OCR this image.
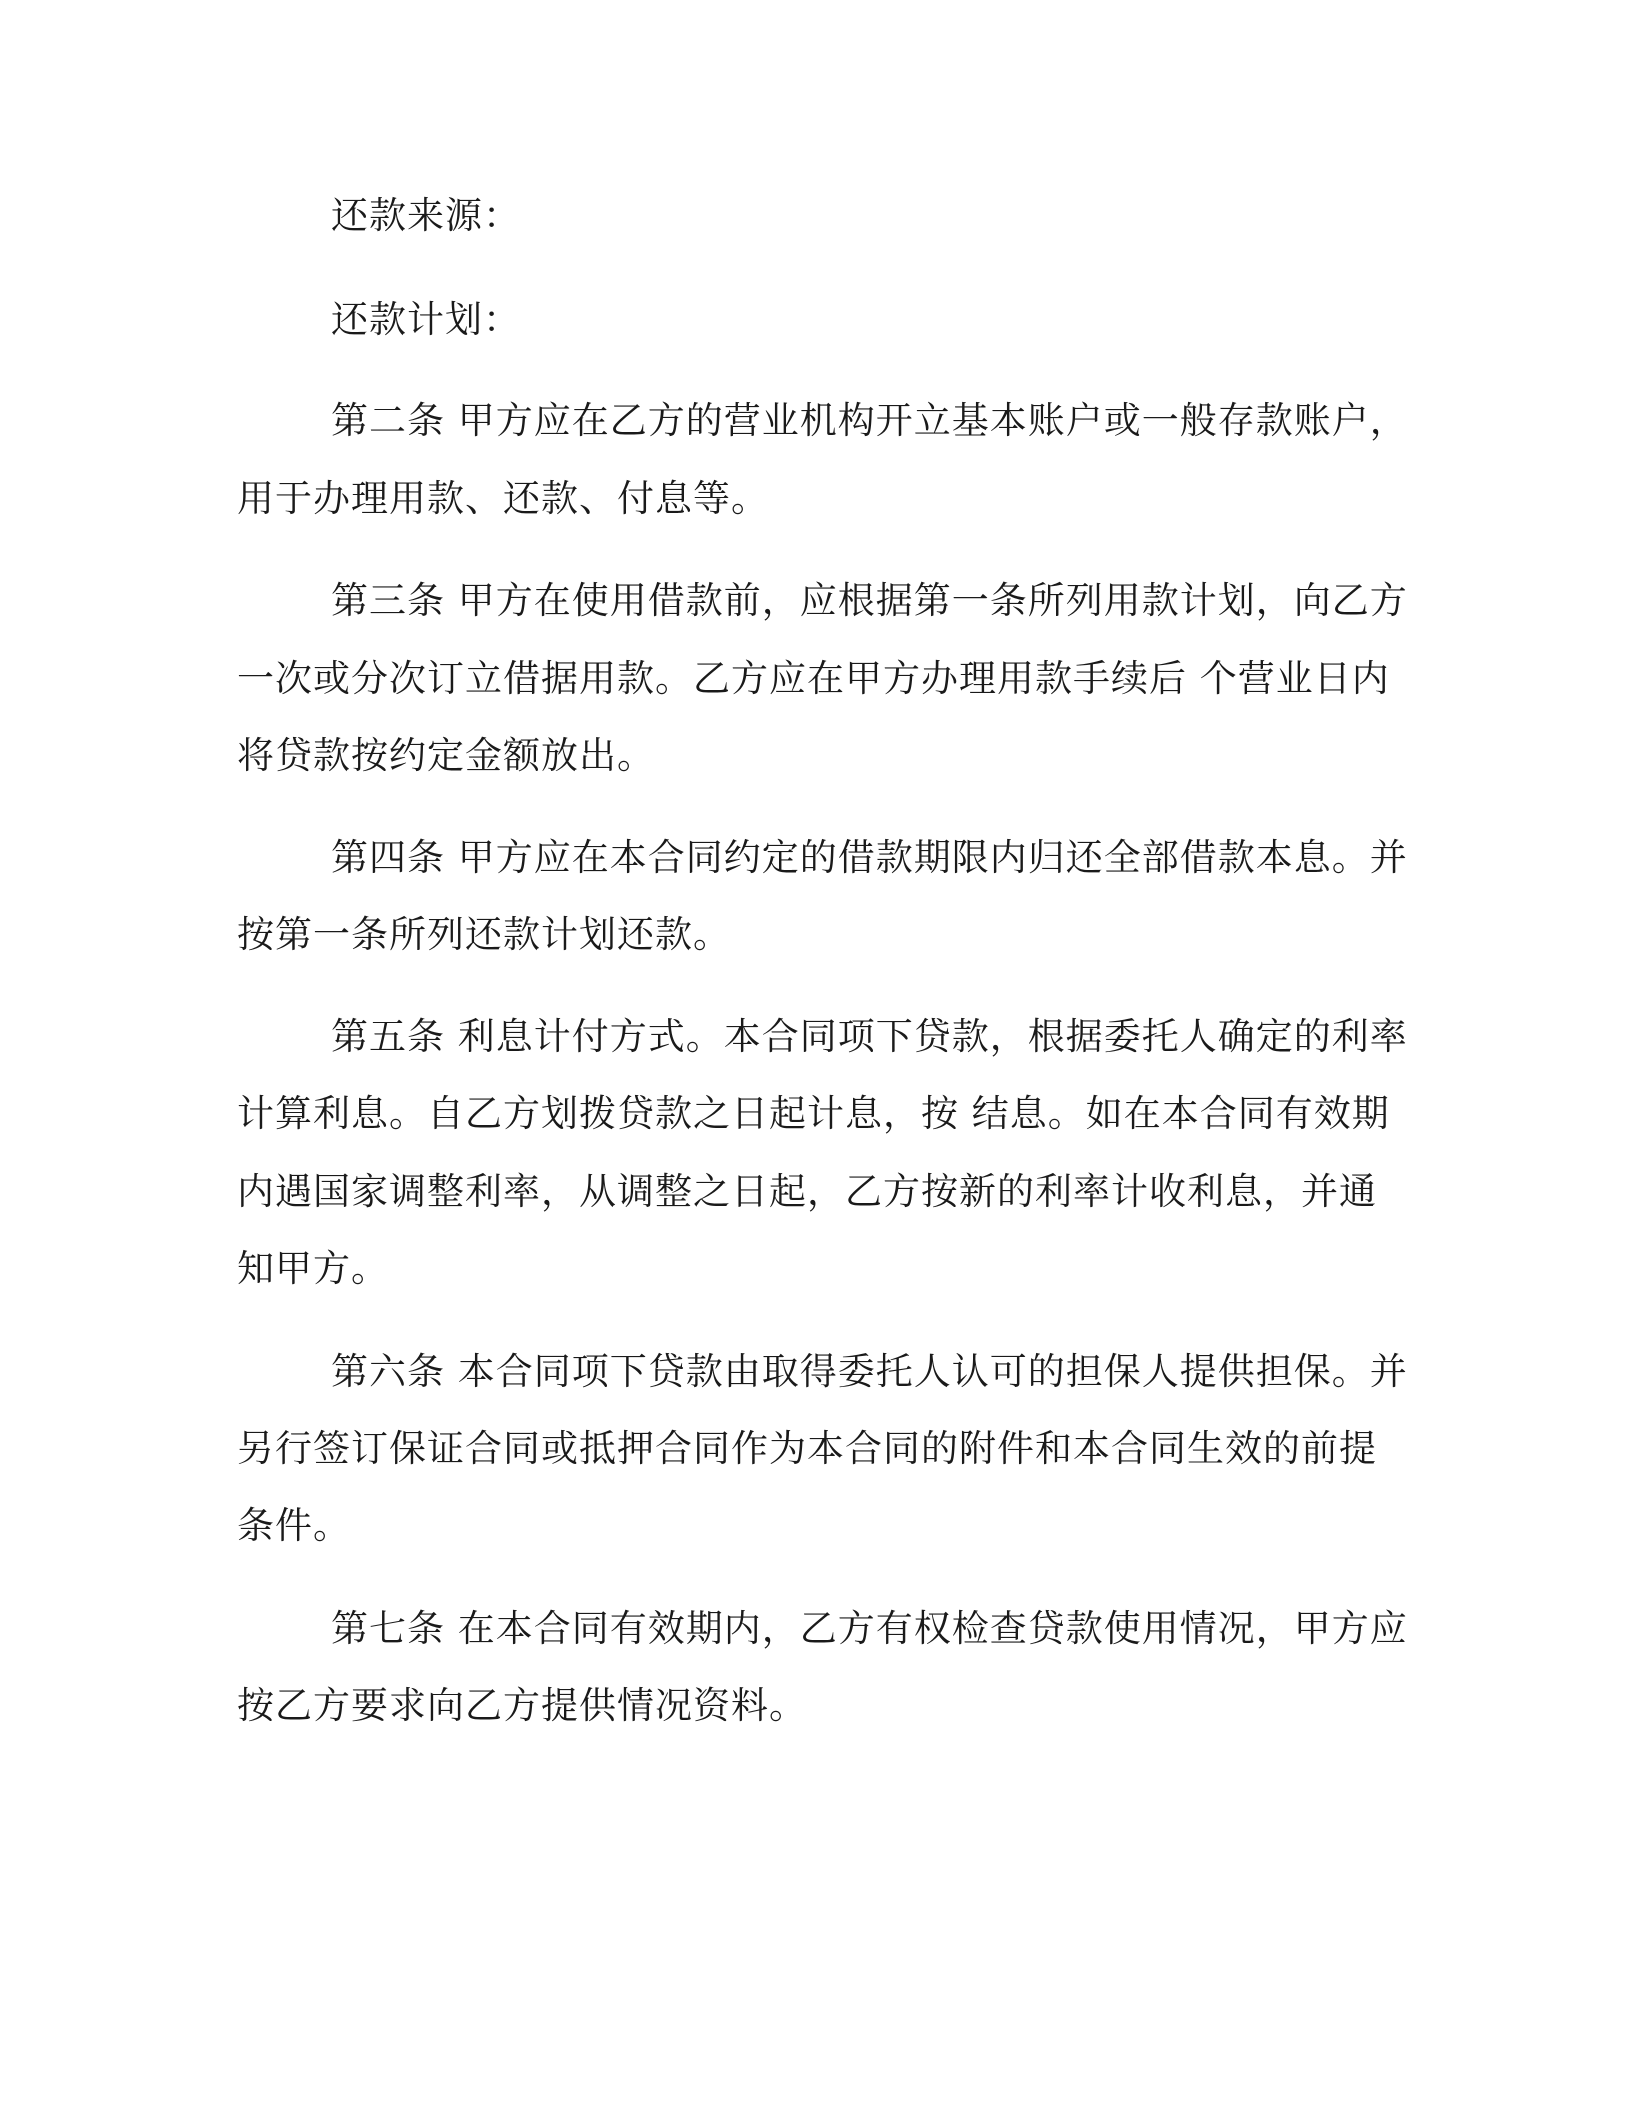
还款来源：
还款计划：
第二条 甲方应在乙方的营业机构开立基本账户或一般存款账户，
用于办理用款、还款、付息等。
第三条 甲方在使用借款前，应根据第一条所列用款计划，向乙方
一次或分次订立借据用款。乙方应在甲方办理用款手续后 个营业日内
将贷款按约定金额放出。
第四条 甲方应在本合同约定的借款期限内归还全部借款本息。并
按第一条所列还款计划还款。
第五条 利息计付方式。本合同项下贷款，根据委托人确定的利率
计算利息。自乙方划拨贷款之日起计息，按 结息。如在本合同有效期
内遇国家调整利率，从调整之日起，乙方按新的利率计收利息，并通
知甲方。
第六条 本合同项下贷款由取得委托人认可的担保人提供担保。并
另行签订保证合同或抵押合同作为本合同的附件和本合同生效的前提
条件。
第七条 在本合同有效期内，乙方有权检查贷款使用情况，甲方应
按乙方要求向乙方提供情况资料。
